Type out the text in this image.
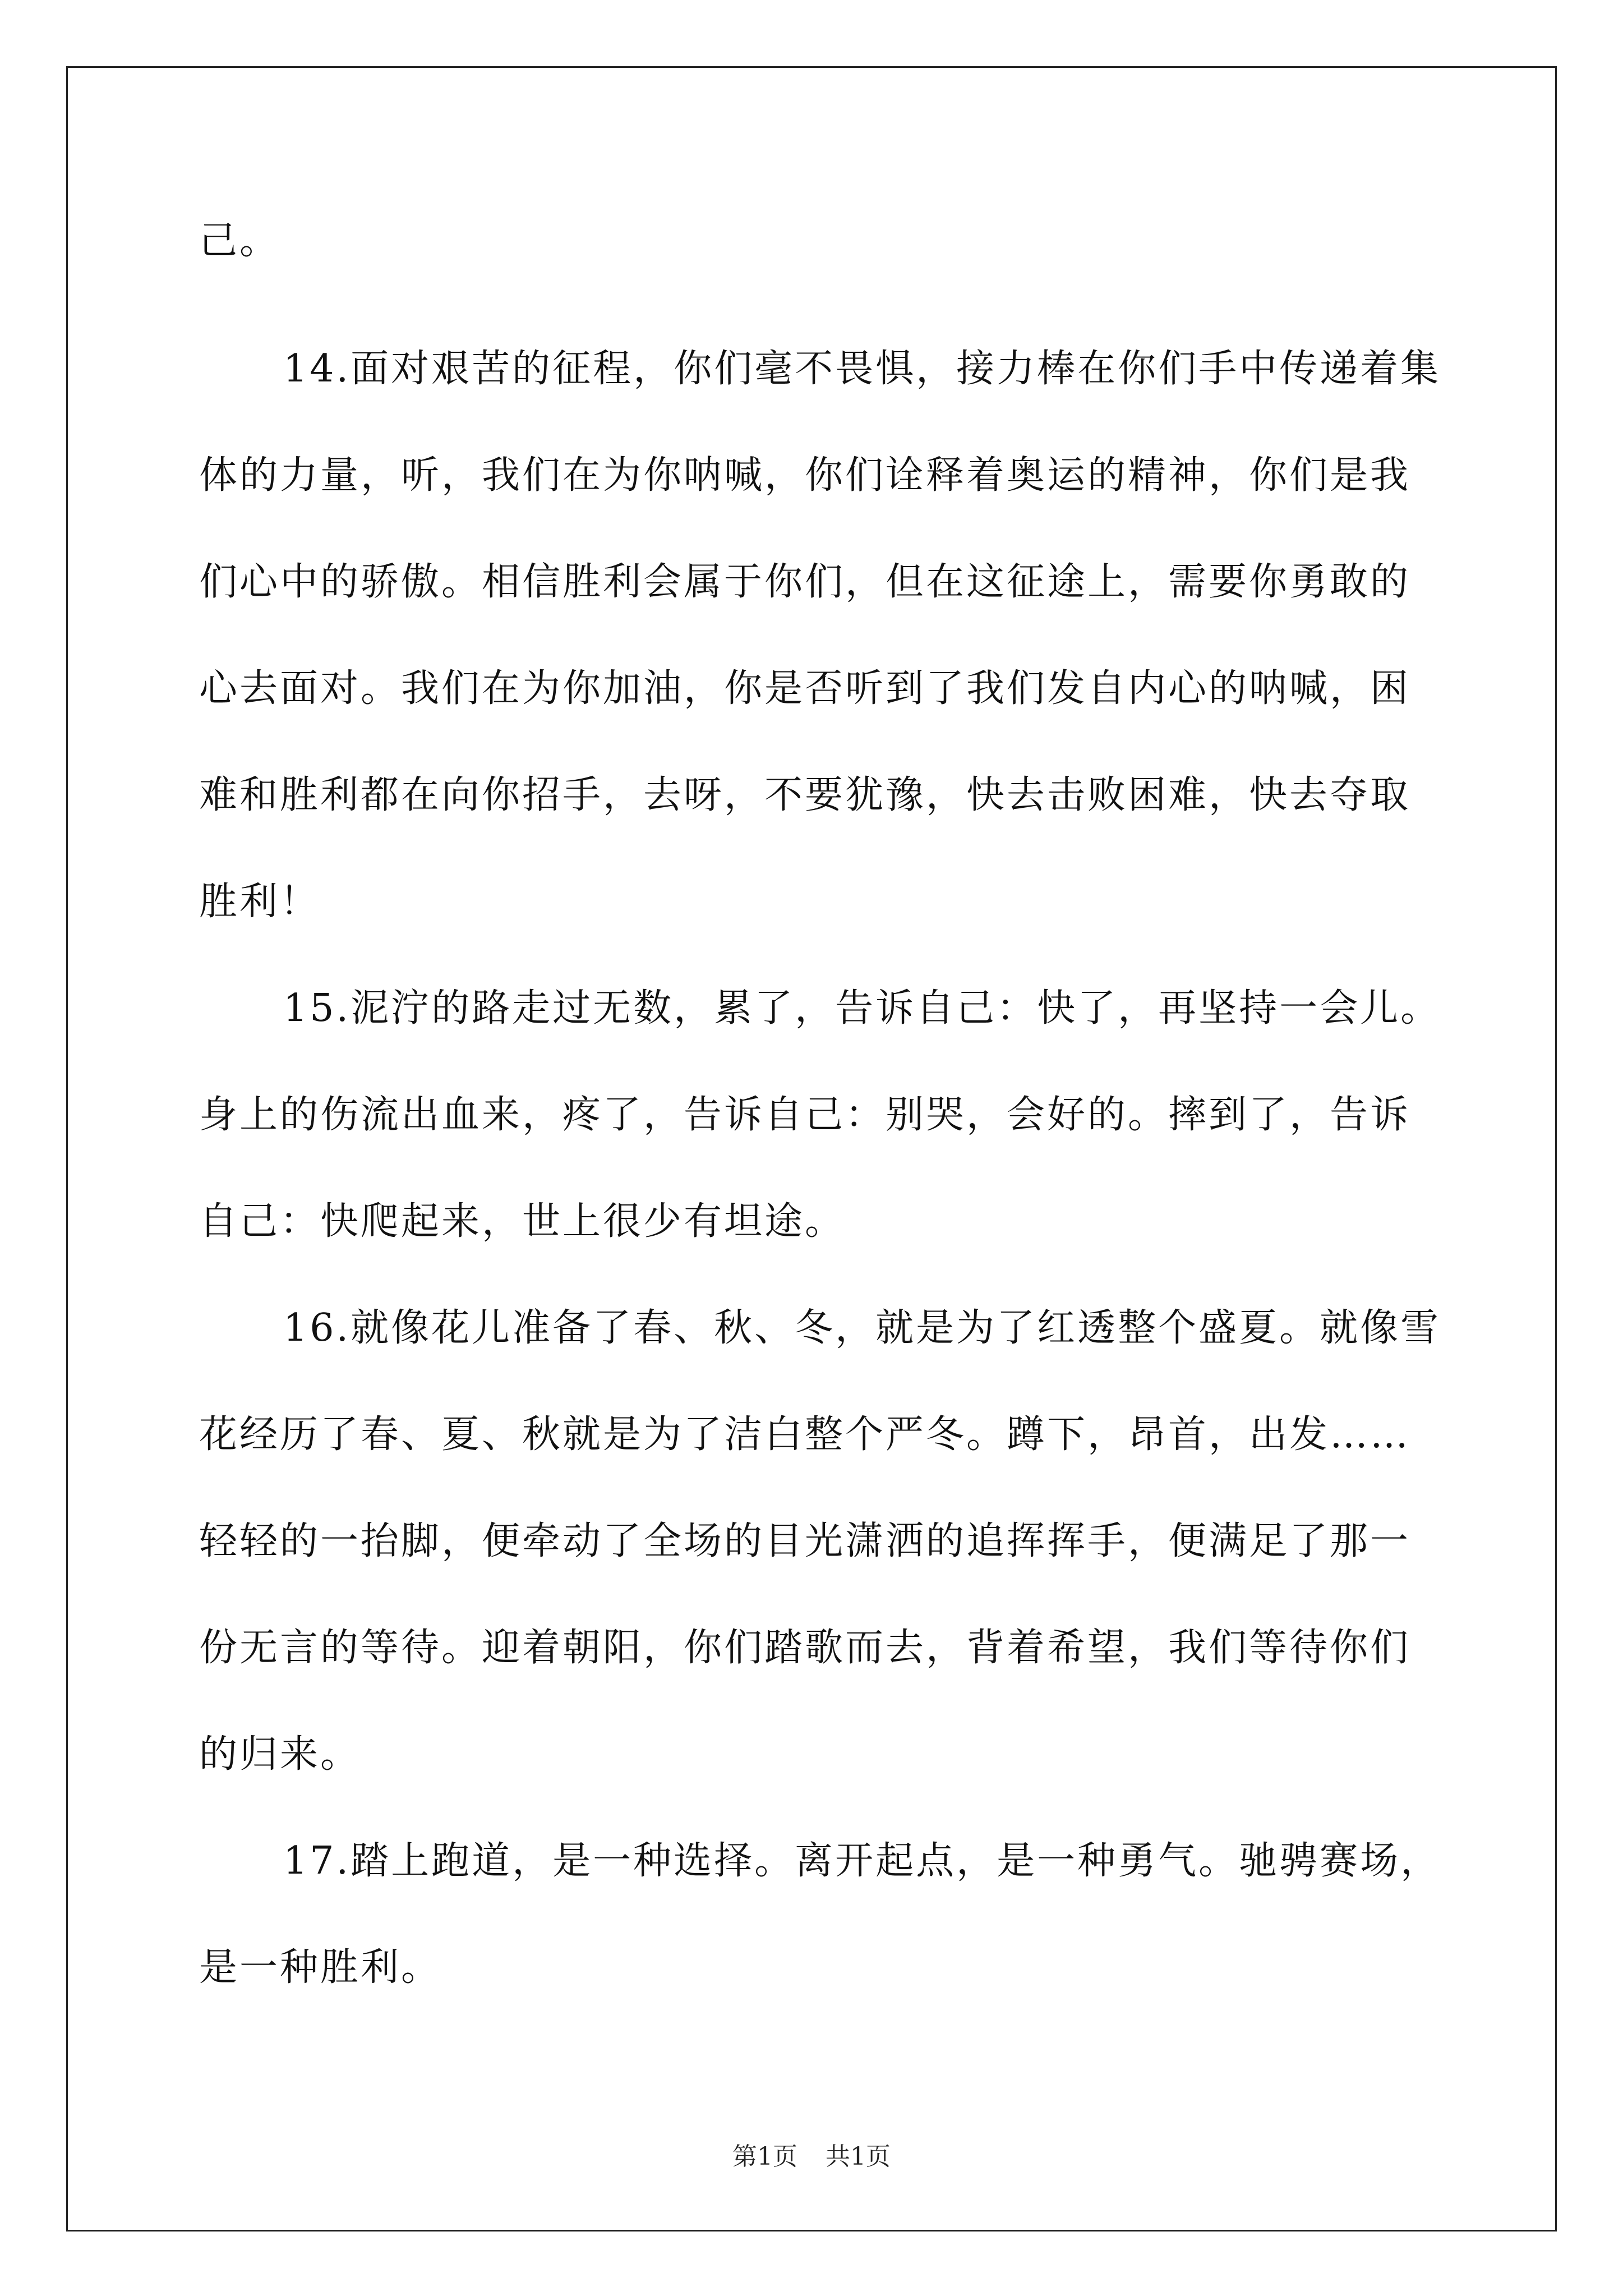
己。
14.面对艰苦的征程，你们毫不畏惧，接力棒在你们手中传递着集
体的力量，听，我们在为你呐喊，你们诠释着奥运的精神，你们是我
们心中的骄傲。相信胜利会属于你们，但在这征途上，需要你勇敢的
心去面对。我们在为你加油，你是否听到了我们发自内心的呐喊，困
难和胜利都在向你招手，去呀，不要犹豫，快去击败困难，快去夺取
胜利！
15.泥泞的路走过无数，累了，告诉自己：快了，再坚持一会儿。
身上的伤流出血来，疼了，告诉自己：别哭，会好的。摔到了，告诉
自己：快爬起来，世上很少有坦途。
16.就像花儿准备了春、秋、冬，就是为了红透整个盛夏。就像雪
花经历了春、夏、秋就是为了洁白整个严冬。蹲下，昂首，出发……
轻轻的一抬脚，便牵动了全场的目光潇洒的追挥挥手，便满足了那一
份无言的等待。迎着朝阳，你们踏歌而去，背着希望，我们等待你们
的归来。
17.踏上跑道，是一种选择。离开起点，是一种勇气。驰骋赛场，
是一种胜利。
第1页 共1页
